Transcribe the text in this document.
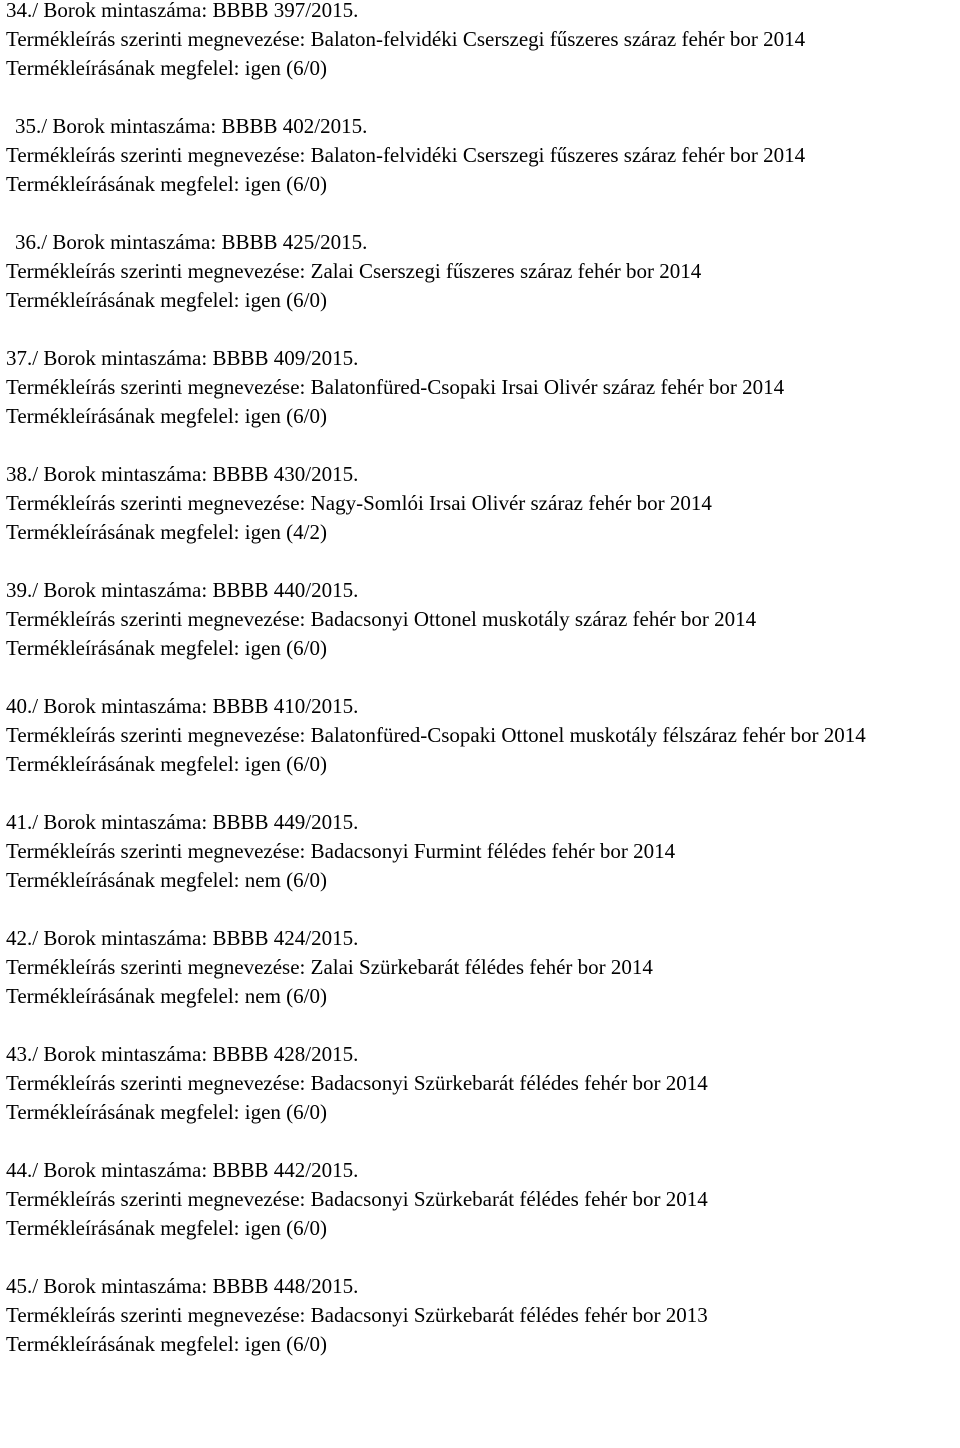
34./ Borok mintaszáma: BBBB 397/2015.
Termékleírás szerinti megnevezése: Balaton-felvidéki Cserszegi fűszeres száraz fehér bor 2014
Termékleírásának megfelel: igen (6/0)
35./ Borok mintaszáma: BBBB 402/2015.
Termékleírás szerinti megnevezése: Balaton-felvidéki Cserszegi fűszeres száraz fehér bor 2014
Termékleírásának megfelel: igen (6/0)
36./ Borok mintaszáma: BBBB 425/2015.
Termékleírás szerinti megnevezése: Zalai Cserszegi fűszeres száraz fehér bor 2014
Termékleírásának megfelel: igen (6/0)
37./ Borok mintaszáma: BBBB 409/2015.
Termékleírás szerinti megnevezése: Balatonfüred-Csopaki Irsai Olivér száraz fehér bor 2014
Termékleírásának megfelel: igen (6/0)
38./ Borok mintaszáma: BBBB 430/2015.
Termékleírás szerinti megnevezése: Nagy-Somlói Irsai Olivér száraz fehér bor 2014
Termékleírásának megfelel: igen (4/2)
39./ Borok mintaszáma: BBBB 440/2015.
Termékleírás szerinti megnevezése: Badacsonyi Ottonel muskotály száraz fehér bor 2014
Termékleírásának megfelel: igen (6/0)
40./ Borok mintaszáma: BBBB 410/2015.
Termékleírás szerinti megnevezése: Balatonfüred-Csopaki Ottonel muskotály félszáraz fehér bor 2014
Termékleírásának megfelel: igen (6/0)
41./ Borok mintaszáma: BBBB 449/2015.
Termékleírás szerinti megnevezése: Badacsonyi Furmint félédes fehér bor 2014
Termékleírásának megfelel: nem (6/0)
42./ Borok mintaszáma: BBBB 424/2015.
Termékleírás szerinti megnevezése: Zalai Szürkebarát félédes fehér bor 2014
Termékleírásának megfelel: nem (6/0)
43./ Borok mintaszáma: BBBB 428/2015.
Termékleírás szerinti megnevezése: Badacsonyi Szürkebarát félédes fehér bor 2014
Termékleírásának megfelel: igen (6/0)
44./ Borok mintaszáma: BBBB 442/2015.
Termékleírás szerinti megnevezése: Badacsonyi Szürkebarát félédes fehér bor 2014
Termékleírásának megfelel: igen (6/0)
45./ Borok mintaszáma: BBBB 448/2015.
Termékleírás szerinti megnevezése: Badacsonyi Szürkebarát félédes fehér bor 2013
Termékleírásának megfelel: igen (6/0)
